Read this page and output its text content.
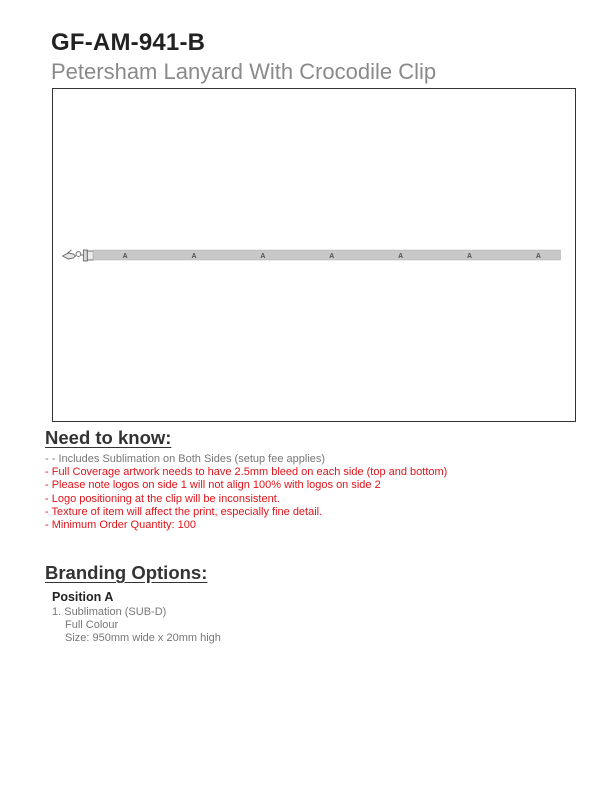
GF-AM-941-B
Petersham Lanyard With Crocodile Clip
A	A	A	A	A	A	A
Need to know:
- - Includes Sublimation on Both Sides (setup fee applies)
- Full Coverage artwork needs to have 2.5mm bleed on each side (top and bottom)
- Please note logos on side 1 will not align 100% with logos on side 2
- Logo positioning at the clip will be inconsistent.
- Texture of item will affect the print, especially fine detail.
- Minimum Order Quantity: 100
Branding Options:
Position A
1. Sublimation (SUB-D)
Full Colour
Size: 950mm wide x 20mm high
